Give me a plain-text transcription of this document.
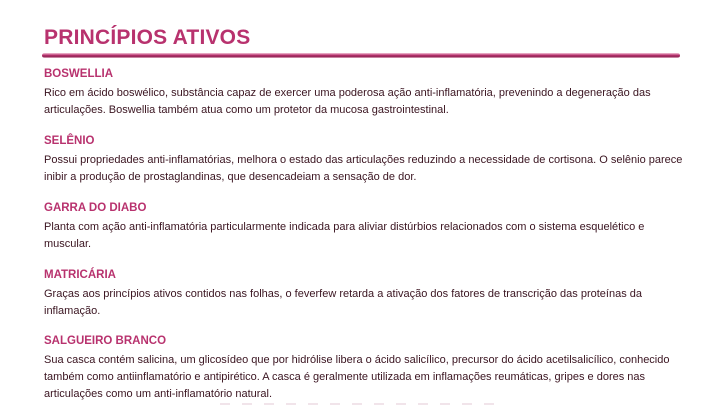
PRINCÍPIOS ATIVOS
BOSWELLIA

Rico em ácido boswélico, substância capaz de exercer uma poderosa ação anti-inflamatória, prevenindo a degeneração das articulações. Boswellia também atua como um protetor da mucosa gastrointestinal.

SELÊNIO

Possui propriedades anti-inflamatórias, melhora o estado das articulações reduzindo a necessidade de cortisona. O selênio parece inibir a produção de prostaglandinas, que desencadeiam a sensação de dor.

GARRA DO DIABO

Planta com ação anti-inflamatória particularmente indicada para aliviar distúrbios relacionados com o sistema esquelético e muscular.

MATRICÁRIA

Graças aos princípios ativos contidos nas folhas, o feverfew retarda a ativação dos fatores de transcrição das proteínas da inflamação.

SALGUEIRO BRANCO

Sua casca contém salicina, um glicosídeo que por hidrólise libera o ácido salicílico, precursor do ácido acetilsalicílico, conhecido também como antiinflamatório e antipirético. A casca é geralmente utilizada em inflamações reumáticas, gripes e dores nas articulações como um anti-inflamatório natural.
